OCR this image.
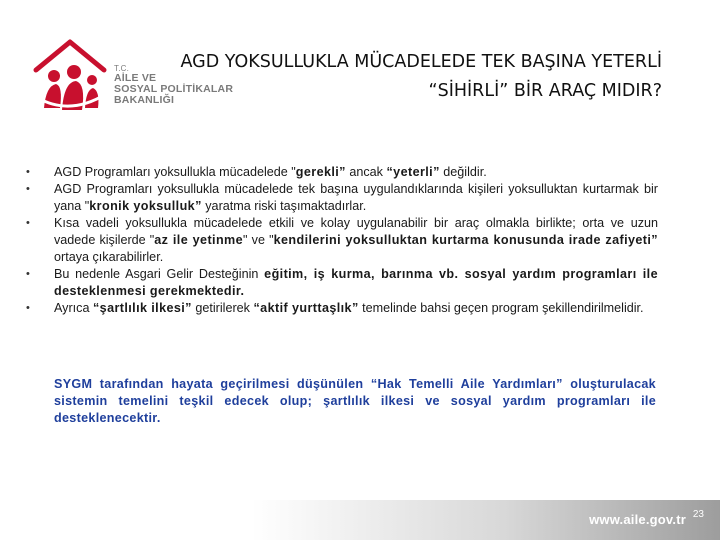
T.C.
AİLE VE
SOSYAL POLİTİKALAR
BAKANLIĞI
AGD YOKSULLUKLA MÜCADELEDE TEK BAŞINA YETERLİ
“SİHİRLİ” BİR ARAÇ MIDIR?
• AGD Programları yoksullukla mücadelede "gerekli” ancak “yeterli” değildir.
• AGD Programları yoksullukla mücadelede tek başına uygulandıklarında kişileri yoksulluktan kurtarmak bir yana "kronik yoksulluk” yaratma riski taşımaktadırlar.
• Kısa vadeli yoksullukla mücadelede etkili ve kolay uygulanabilir bir araç olmakla birlikte; orta ve uzun vadede kişilerde "az ile yetinme" ve "kendilerini yoksulluktan kurtarma konusunda irade zafiyeti” ortaya çıkarabilirler.
• Bu nedenle Asgari Gelir Desteğinin eğitim, iş kurma, barınma vb. sosyal yardım programları ile desteklenmesi gerekmektedir.
• Ayrıca “şartlılık ilkesi” getirilerek “aktif yurttaşlık” temelinde bahsi geçen program şekillendirilmelidir.
SYGM tarafından hayata geçirilmesi düşünülen “Hak Temelli Aile Yardımları” oluşturulacak sistemin temelini teşkil edecek olup; şartlılık ilkesi ve sosyal yardım programları ile desteklenecektir.
www.aile.gov.tr 23
